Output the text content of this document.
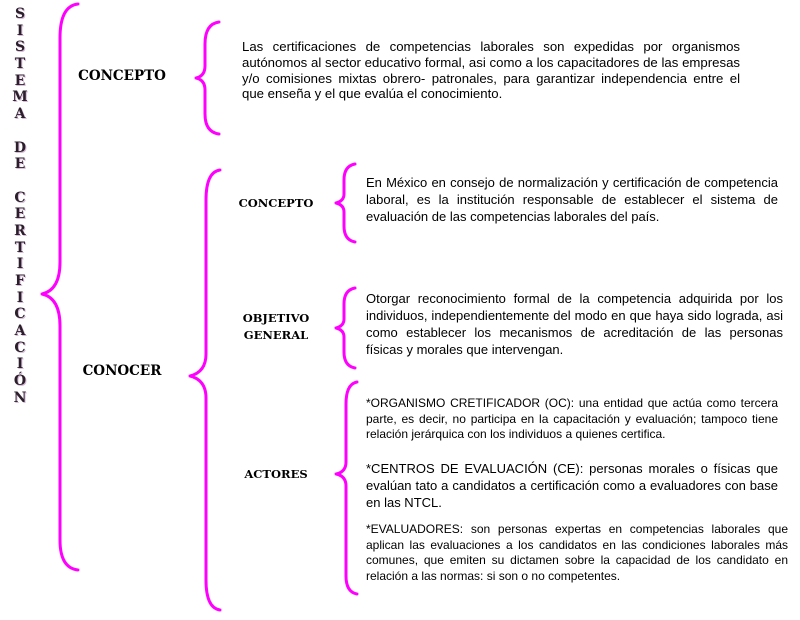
S
I
S
T
E
M
A
D
E
C
E
R
T
I
F
I
C
A
C
I
Ó
N
CONCEPTO
Las certificaciones de competencias laborales son expedidas por organismos autónomos al sector educativo formal, asi como a los capacitadores de las empresas y/o comisiones mixtas obrero- patronales, para garantizar independencia entre el que enseña y el que evalúa el conocimiento.
CONOCER
CONCEPTO
En México en consejo de normalización y certificación de competencia laboral, es la institución responsable de establecer el sistema de evaluación de las competencias laborales del país.
OBJETIVO
GENERAL
Otorgar reconocimiento formal de la competencia adquirida por los individuos, independientemente del modo en que haya sido lograda, asi como establecer los mecanismos de acreditación de las personas físicas y morales que intervengan.
ACTORES
*ORGANISMO CRETIFICADOR (OC): una entidad que actúa como tercera parte, es decir, no participa en la capacitación y evaluación; tampoco tiene relación jerárquica con los individuos a quienes certifica.
*CENTROS DE EVALUACIÓN (CE): personas morales o físicas que evalúan tato a candidatos a certificación como a evaluadores con base en las NTCL.
*EVALUADORES: son personas expertas en competencias laborales que aplican las evaluaciones a los candidatos en las condiciones laborales más comunes, que emiten su dictamen sobre la capacidad de los candidato en relación a las normas: si son o no competentes.
